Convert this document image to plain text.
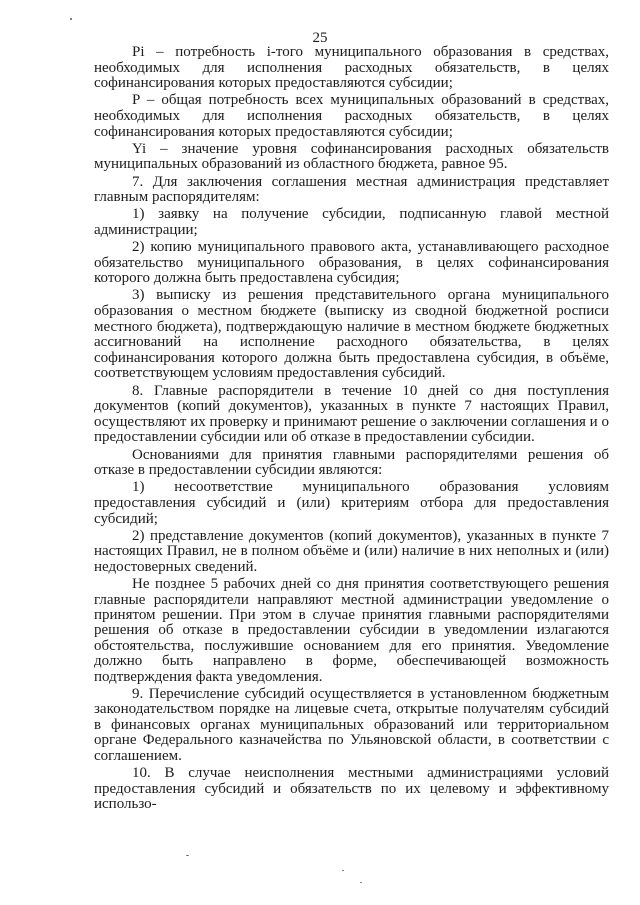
25

Pi – потребность i-того муниципального образования в средствах, необходимых для исполнения расходных обязательств, в целях софинансирования которых предоставляются субсидии;

P – общая потребность всех муниципальных образований в средствах, необходимых для исполнения расходных обязательств, в целях софинансирования которых предоставляются субсидии;

Yi – значение уровня софинансирования расходных обязательств муниципальных образований из областного бюджета, равное 95.

7. Для заключения соглашения местная администрация представляет главным распорядителям:

1) заявку на получение субсидии, подписанную главой местной администрации;

2) копию муниципального правового акта, устанавливающего расходное обязательство муниципального образования, в целях софинансирования которого должна быть предоставлена субсидия;

3) выписку из решения представительного органа муниципального образования о местном бюджете (выписку из сводной бюджетной росписи местного бюджета), подтверждающую наличие в местном бюджете бюджетных ассигнований на исполнение расходного обязательства, в целях софинансирования которого должна быть предоставлена субсидия, в объёме, соответствующем условиям предоставления субсидий.

8. Главные распорядители в течение 10 дней со дня поступления документов (копий документов), указанных в пункте 7 настоящих Правил, осуществляют их проверку и принимают решение о заключении соглашения и о предоставлении субсидии или об отказе в предоставлении субсидии.

Основаниями для принятия главными распорядителями решения об отказе в предоставлении субсидии являются:

1) несоответствие муниципального образования условиям предоставления субсидий и (или) критериям отбора для предоставления субсидий;

2) представление документов (копий документов), указанных в пункте 7 настоящих Правил, не в полном объёме и (или) наличие в них неполных и (или) недостоверных сведений.

Не позднее 5 рабочих дней со дня принятия соответствующего решения главные распорядители направляют местной администрации уведомление о принятом решении. При этом в случае принятия главными распорядителями решения об отказе в предоставлении субсидии в уведомлении излагаются обстоятельства, послужившие основанием для его принятия. Уведомление должно быть направлено в форме, обеспечивающей возможность подтверждения факта уведомления.

9. Перечисление субсидий осуществляется в установленном бюджетным законодательством порядке на лицевые счета, открытые получателям субсидий в финансовых органах муниципальных образований или территориальном органе Федерального казначейства по Ульяновской области, в соответствии с соглашением.

10. В случае неисполнения местными администрациями условий предоставления субсидий и обязательств по их целевому и эффективному использо-
